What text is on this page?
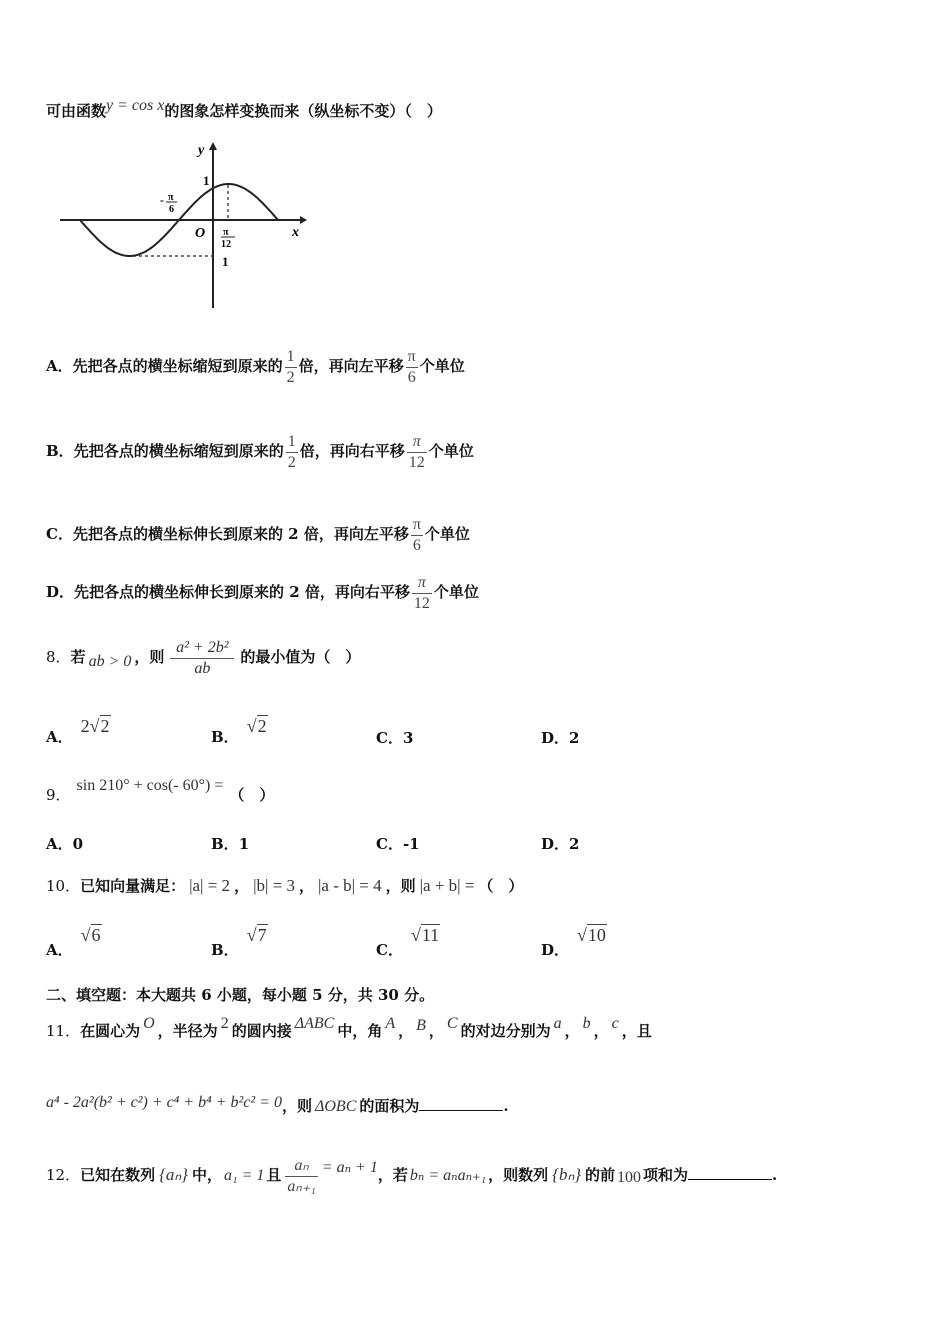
可由函数y = cos x的图象怎样变换而来（纵坐标不变）（　）
y
x
O
1
- π
6
π
12
1
A．先把各点的横坐标缩短到原来的 $\frac{1}{2}$ 倍，再向左平移 $\frac{\pi}{6}$ 个单位
B．先把各点的横坐标缩短到原来的 $\frac{1}{2}$ 倍，再向右平移 $\frac{\pi}{12}$ 个单位
C．先把各点的横坐标伸长到原来的 2 倍，再向左平移 $\frac{\pi}{6}$ 个单位
D．先把各点的横坐标伸长到原来的 2 倍，再向右平移 $\frac{\pi}{12}$ 个单位
8．若 ab > 0 ，则 $\frac{\text{a² + 2b²}}{ab}$ 的最小值为（　）
A．2√2
B．√2
C．3	D．2
9．sin 210° + cos(- 60°) =（　）
A．0	B．1	C．-1	D．2
10．已知向量满足： |a| = 2 ， |b| = 3 ， |a - b| = 4 ，则 |a + b| = （　）
A．√6
B．√7
C．√11
D．√10
二、填空题：本大题共 6 小题，每小题 5 分，共 30 分。
11．在圆心为 O ，半径为 2 的圆内接 ΔABC 中，角 A ， B ， C 的对边分别为 a ， b ， c ，且
a⁴ - 2a²(b² + c²) + c⁴ + b⁴ + b²c² = 0，则 ΔOBC 的面积为	.
12．已知在数列 {aₙ} 中， a₁ = 1 且 $\frac{\text{aₙ}}{\text{aₙ₊₁}} = a_n + 1$，若 bₙ = aₙaₙ₊₁ ，则数列 {bₙ} 的前 100 项和为	.
